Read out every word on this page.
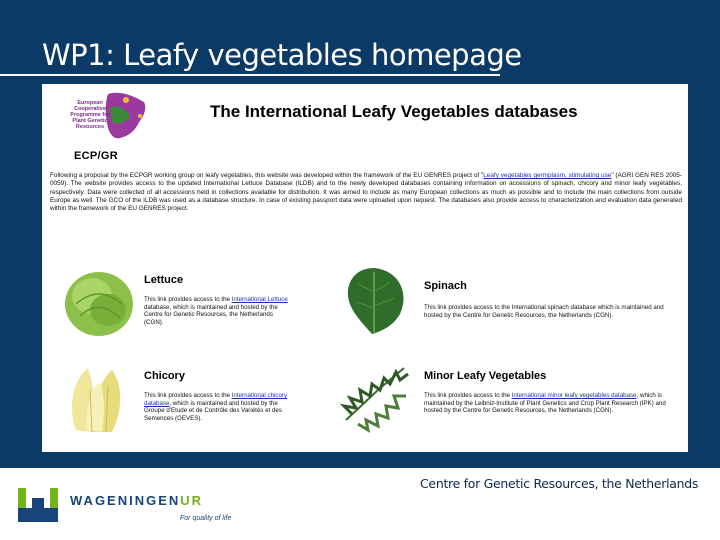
WP1: Leafy vegetables homepage
European Cooperative Programme for Plant Genetic Resources
ECP/GR
The International Leafy Vegetables databases
Following a proposal by the ECPGR working group on leafy vegetables, this website was developed within the framework of the EU GENRES project of "Leafy vegetables germplasm, stimulating use" (AGRI GEN RES 2005-0059). The website provides access to the updated International Lettuce Database (ILDB) and to the newly developed databases containing information on accessions of spinach, chicory and minor leafy vegetables, respectively. Data were collected of all accessions held in collections available for distribution. It was aimed to include as many European collections as much as possible and to include the main collections from outside Europe as well. The GCO of the ILDB was used as a database structure. In case of existing passport data were uploaded upon request. The databases also provide access to characterization and evaluation data generated within the framework of the EU GENRES project.
Lettuce
This link provides access to the International Lettuce database, which is maintained and hosted by the Centre for Genetic Resources, the Netherlands (CGN).
Spinach
This link provides access to the International spinach database which is maintained and hosted by the Centre for Genetic Resources, the Netherlands (CGN).
Chicory
This link provides access to the International chicory database, which is maintained and hosted by the Groupe d'Etude et de Contrôle des Variétés et des Semences (GEVES).
Minor Leafy Vegetables
This link provides access to the International minor leafy vegetables database, which is maintained by the Leibniz-Institute of Plant Genetics and Crop Plant Research (IPK) and hosted by the Centre for Genetic Resources, the Netherlands (CGN).
WAGENINGENUR
For quality of life
Centre for Genetic Resources, the Netherlands
